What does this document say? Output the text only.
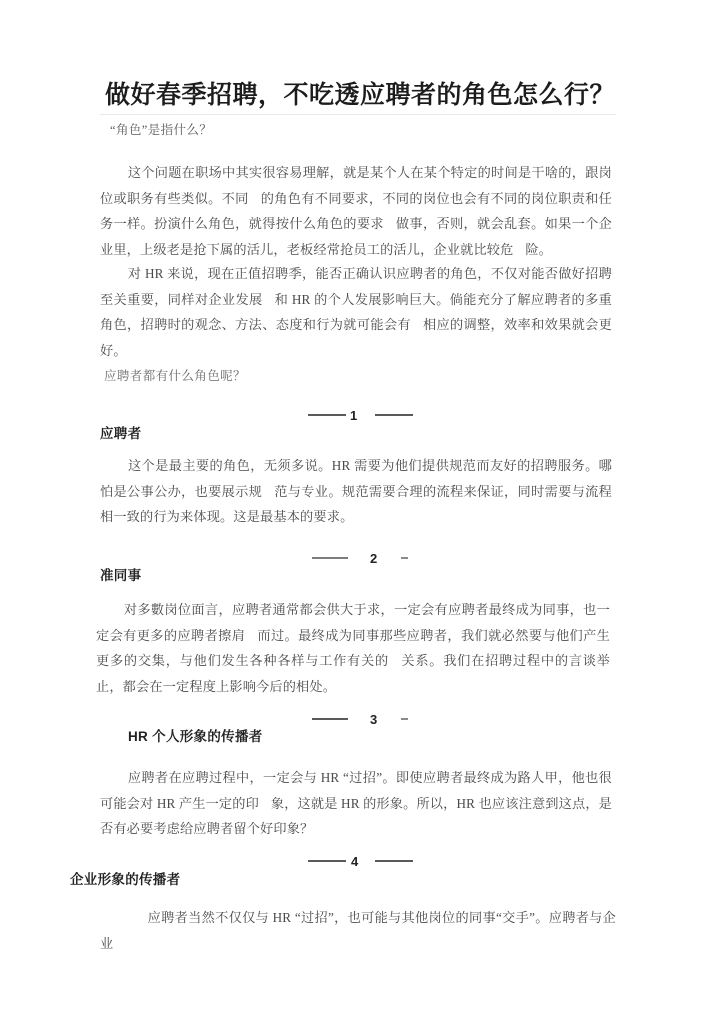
做好春季招聘，不吃透应聘者的角色怎么行？
“角色”是指什么？
这个问题在职场中其实很容易理解，就是某个人在某个特定的时间是干啥的，跟岗位或职务有些类似。不同 的角色有不同要求，不同的岗位也会有不同的岗位职责和任务一样。扮演什么角色，就得按什么角色的要求 做事，否则，就会乱套。如果一个企业里，上级老是抢下属的活儿，老板经常抢员工的活儿，企业就比较危 险。
对 HR 来说，现在正值招聘季，能否正确认识应聘者的角色，不仅对能否做好招聘至关重要，同样对企业发展 和 HR 的个人发展影响巨大。倘能充分了解应聘者的多重角色，招聘时的观念、方法、态度和行为就可能会有 相应的调整，效率和效果就会更好。
应聘者都有什么角色呢？
1
应聘者
这个是最主要的角色，无须多说。HR 需要为他们提供规范而友好的招聘服务。哪怕是公事公办，也要展示规 范与专业。规范需要合理的流程来保证，同时需要与流程相一致的行为来体现。这是最基本的要求。
2
准同事
对多數岗位面言，应聘者通常都会供大于求，一定会有应聘者最终成为同事，也一定会有更多的应聘者擦肩 而过。最终成为同事那些应聘者，我们就必然要与他们产生更多的交集，与他们发生各种各样与工作有关的 关系。我们在招聘过程中的言谈举止，都会在一定程度上影响今后的相处。
3
HR 个人形象的传播者
应聘者在应聘过程中，一定会与 HR “过招”。即使应聘者最终成为路人甲，他也很可能会对 HR 产生一定的印 象，这就是 HR 的形象。所以，HR 也应该注意到这点，是否有必要考虑给应聘者留个好印象？
4
企业形象的传播者
应聘者当然不仅仅与 HR “过招”，也可能与其他岗位的同事“交手”。应聘者与企业
